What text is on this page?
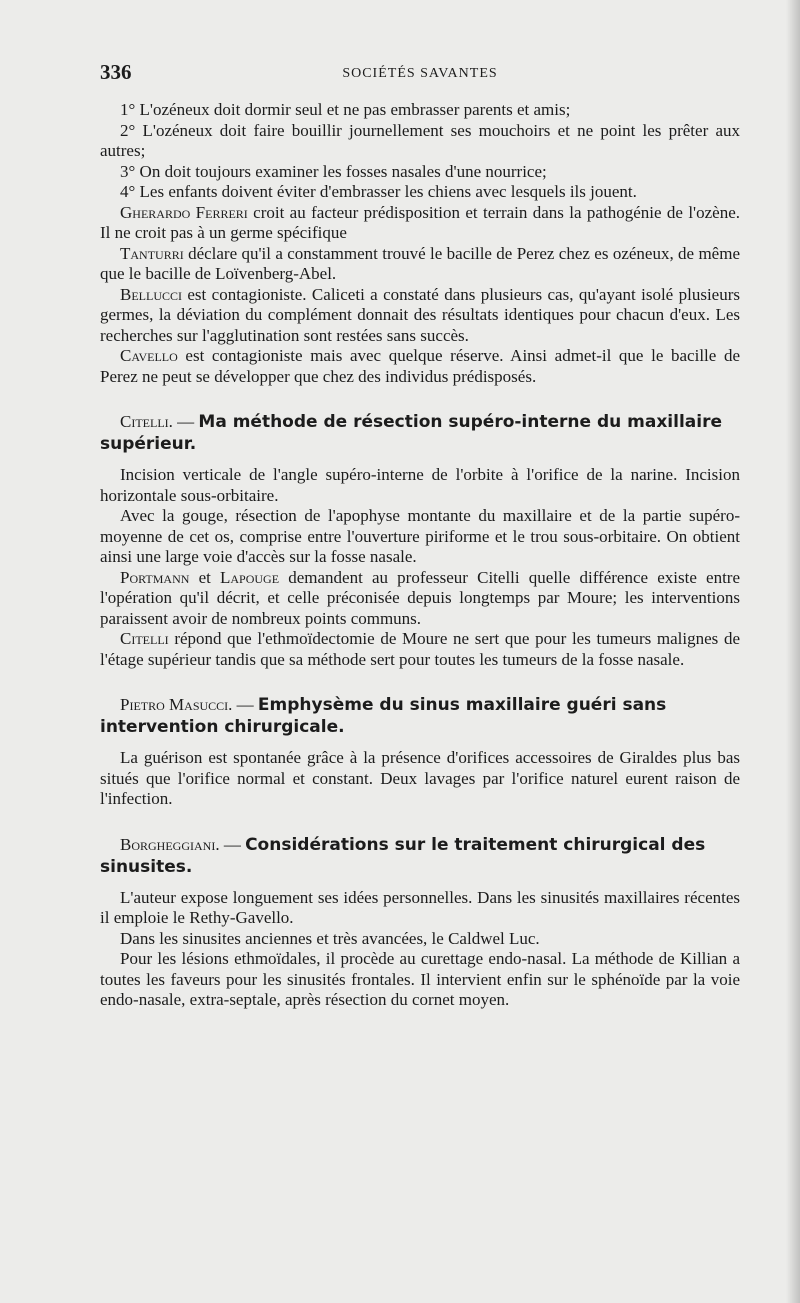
336	SOCIÉTÉS SAVANTES

1° L'ozéneux doit dormir seul et ne pas embrasser parents et amis;

2° L'ozéneux doit faire bouillir journellement ses mouchoirs et ne point les prêter aux autres;

3° On doit toujours examiner les fosses nasales d'une nourrice;

4° Les enfants doivent éviter d'embrasser les chiens avec lesquels ils jouent.

Gherardo Ferreri croit au facteur prédisposition et terrain dans la pathogénie de l'ozène. Il ne croit pas à un germe spécifique

Tanturri déclare qu'il a constamment trouvé le bacille de Perez chez es ozéneux, de même que le bacille de Loïvenberg-Abel.

Bellucci est contagioniste. Caliceti a constaté dans plusieurs cas, qu'ayant isolé plusieurs germes, la déviation du complément donnait des résultats identiques pour chacun d'eux. Les recherches sur l'agglutination sont restées sans succès.

Cavello est contagioniste mais avec quelque réserve. Ainsi admet-il que le bacille de Perez ne peut se développer que chez des individus prédisposés.

Citelli. — Ma méthode de résection supéro-interne du maxillaire supérieur.

Incision verticale de l'angle supéro-interne de l'orbite à l'orifice de la narine. Incision horizontale sous-orbitaire.

Avec la gouge, résection de l'apophyse montante du maxillaire et de la partie supéro-moyenne de cet os, comprise entre l'ouverture piriforme et le trou sous-orbitaire. On obtient ainsi une large voie d'accès sur la fosse nasale.

Portmann et Lapouge demandent au professeur Citelli quelle différence existe entre l'opération qu'il décrit, et celle préconisée depuis longtemps par Moure; les interventions paraissent avoir de nombreux points communs.

Citelli répond que l'ethmoïdectomie de Moure ne sert que pour les tumeurs malignes de l'étage supérieur tandis que sa méthode sert pour toutes les tumeurs de la fosse nasale.

Pietro Masucci. — Emphysème du sinus maxillaire guéri sans intervention chirurgicale.

La guérison est spontanée grâce à la présence d'orifices accessoires de Giraldes plus bas situés que l'orifice normal et constant. Deux lavages par l'orifice naturel eurent raison de l'infection.

Borgheggiani. — Considérations sur le traitement chirurgical des sinusites.

L'auteur expose longuement ses idées personnelles. Dans les sinusités maxillaires récentes il emploie le Rethy-Gavello.

Dans les sinusites anciennes et très avancées, le Caldwel Luc.

Pour les lésions ethmoïdales, il procède au curettage endo-nasal. La méthode de Killian a toutes les faveurs pour les sinusités frontales. Il intervient enfin sur le sphénoïde par la voie endo-nasale, extra-septale, après résection du cornet moyen.
